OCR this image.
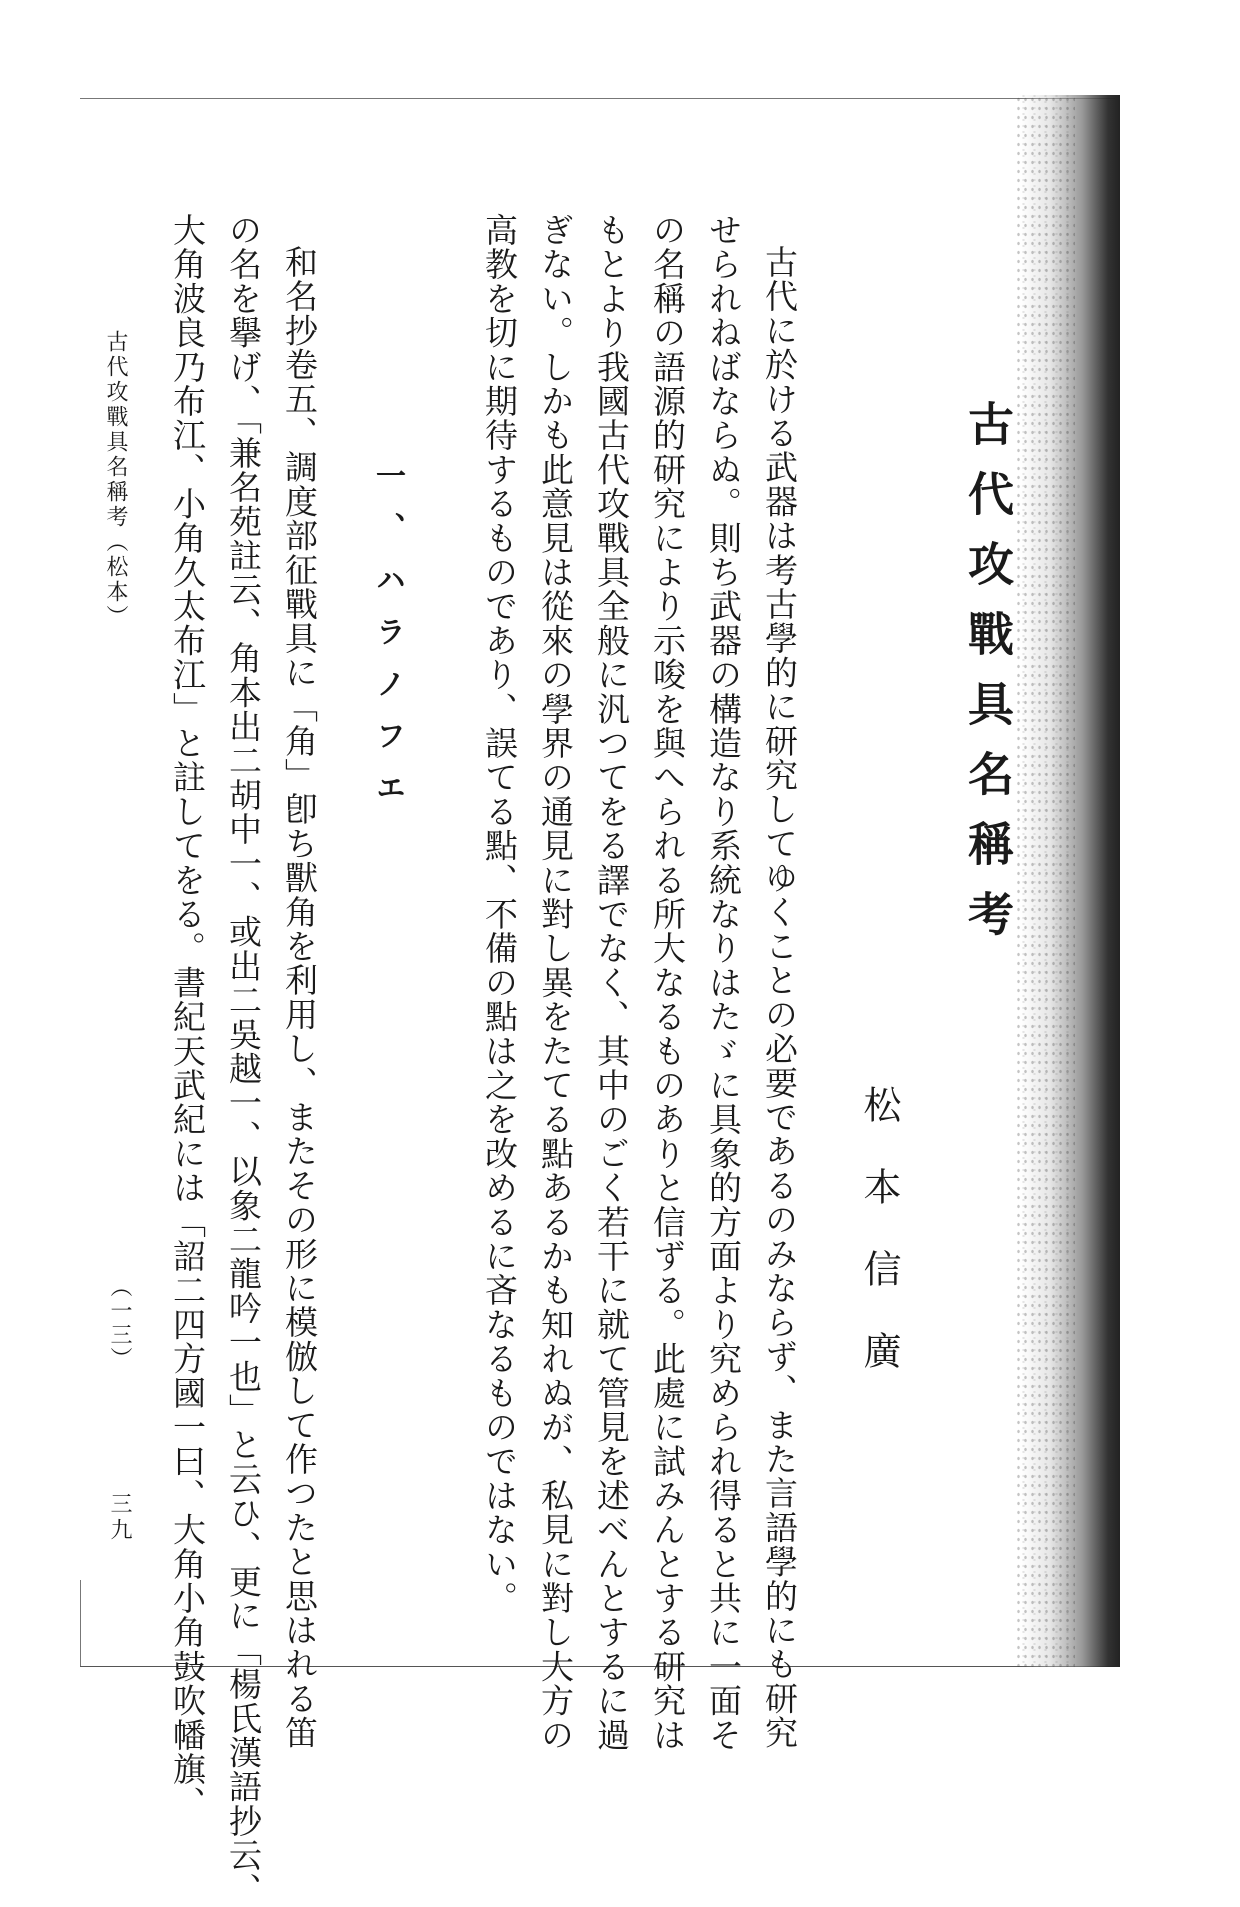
古代攻戰具名稱考
松本信廣
古代に於ける武器は考古學的に研究してゆくことの必要であるのみならず、また言語學的にも研究
せられねばならぬ。則ち武器の構造なり系統なりはたゞに具象的方面より究められ得ると共に一面そ
の名稱の語源的研究により示唆を與へられる所大なるものありと信ずる。此處に試みんとする研究は
もとより我國古代攻戰具全般に汎つてをる譯でなく、其中のごく若干に就て管見を述べんとするに過
ぎない。しかも此意見は從來の學界の通見に對し異をたてる點あるかも知れぬが、私見に對し大方の
高教を切に期待するものであり、誤てる點、不備の點は之を改めるに吝なるものではない。
一、ハラノフエ
和名抄卷五、調度部征戰具に「角」卽ち獸角を利用し、またその形に模倣して作つたと思はれる笛
の名を擧げ、「兼名苑註云、角本出二胡中一、或出二吳越一、以象二龍吟一也」と云ひ、更に「楊氏漢語抄云、
大角波良乃布江、小角久太布江」と註してをる。書紀天武紀には「詔二四方國一曰、大角小角鼓吹幡旗、
古代攻戰具名稱考（松本）
（一三）
三九
